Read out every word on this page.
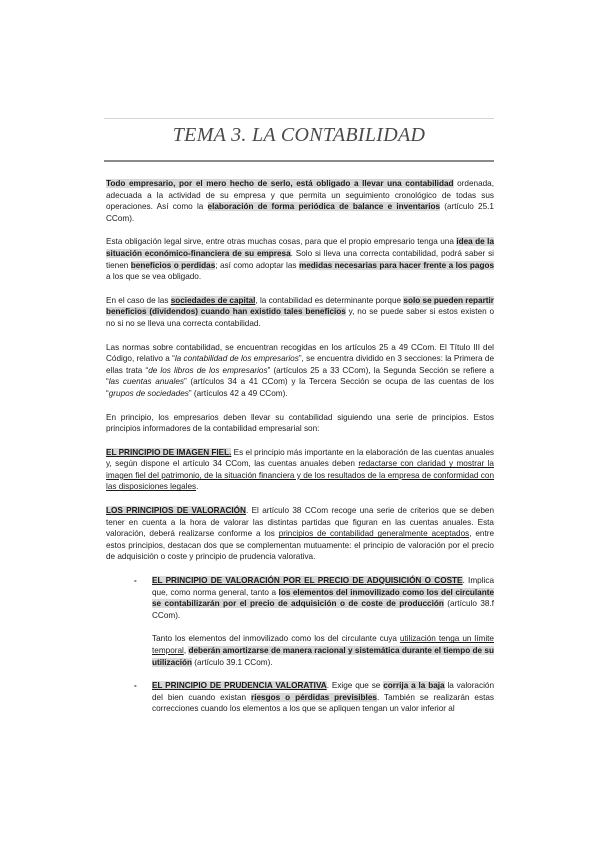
TEMA 3. LA CONTABILIDAD

Todo empresario, por el mero hecho de serlo, está obligado a llevar una contabilidad ordenada, adecuada a la actividad de su empresa y que permita un seguimiento cronológico de todas sus operaciones. Así como la elaboración de forma periódica de balance e inventarios (artículo 25.1 CCom).

Esta obligación legal sirve, entre otras muchas cosas, para que el propio empresario tenga una idea de la situación económico-financiera de su empresa. Solo si lleva una correcta contabilidad, podrá saber si tienen beneficios o perdidas; así como adoptar las medidas necesarias para hacer frente a los pagos a los que se vea obligado.

En el caso de las sociedades de capital, la contabilidad es determinante porque solo se pueden repartir beneficios (dividendos) cuando han existido tales beneficios y, no se puede saber si estos existen o no si no se lleva una correcta contabilidad.

Las normas sobre contabilidad, se encuentran recogidas en los artículos 25 a 49 CCom. El Título III del Código, relativo a “la contabilidad de los empresarios”, se encuentra dividido en 3 secciones: la Primera de ellas trata “de los libros de los empresarios” (artículos 25 a 33 CCom), la Segunda Sección se refiere a “las cuentas anuales” (artículos 34 a 41 CCom) y la Tercera Sección se ocupa de las cuentas de los “grupos de sociedades” (artículos 42 a 49 CCom).

En principio, los empresarios deben llevar su contabilidad siguiendo una serie de principios. Estos principios informadores de la contabilidad empresarial son:

EL PRINCIPIO DE IMAGEN FIEL. Es el principio más importante en la elaboración de las cuentas anuales y, según dispone el artículo 34 CCom, las cuentas anuales deben redactarse con claridad y mostrar la imagen fiel del patrimonio, de la situación financiera y de los resultados de la empresa de conformidad con las disposiciones legales.

LOS PRINCIPIOS DE VALORACIÓN. El artículo 38 CCom recoge una serie de criterios que se deben tener en cuenta a la hora de valorar las distintas partidas que figuran en las cuentas anuales. Esta valoración, deberá realizarse conforme a los principios de contabilidad generalmente aceptados, entre estos principios, destacan dos que se complementan mutuamente: el principio de valoración por el precio de adquisición o coste y principio de prudencia valorativa.

- EL PRINCIPIO DE VALORACIÓN POR EL PRECIO DE ADQUISICIÓN O COSTE. Implica que, como norma general, tanto a los elementos del inmovilizado como los del circulante se contabilizarán por el precio de adquisición o de coste de producción (artículo 38.f CCom).

Tanto los elementos del inmovilizado como los del circulante cuya utilización tenga un límite temporal, deberán amortizarse de manera racional y sistemática durante el tiempo de su utilización (artículo 39.1 CCom).

- EL PRINCIPIO DE PRUDENCIA VALORATIVA. Exige que se corrija a la baja la valoración del bien cuando existan riesgos o pérdidas previsibles. También se realizarán estas correcciones cuando los elementos a los que se apliquen tengan un valor inferior al
